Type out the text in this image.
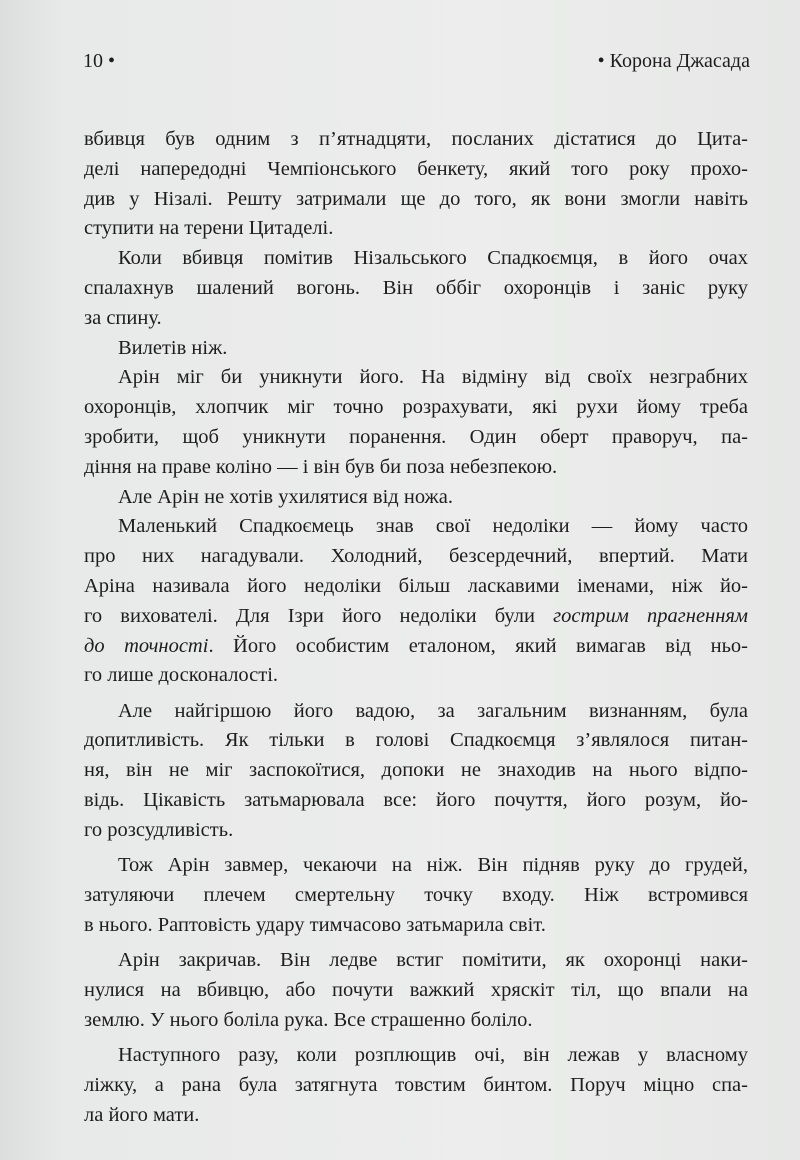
10 •	• Корона Джасада
вбивця був одним з п’ятнадцяти, посланих дістатися до Цита-
делі напередодні Чемпіонського бенкету, який того року прохо-
див у Нізалі. Решту затримали ще до того, як вони змогли навіть
ступити на терени Цитаделі.
Коли вбивця помітив Нізальського Спадкоємця, в його очах
спалахнув шалений вогонь. Він оббіг охоронців і заніс руку
за спину.
Вилетів ніж.
Арін міг би уникнути його. На відміну від своїх незграбних
охоронців, хлопчик міг точно розрахувати, які рухи йому треба
зробити, щоб уникнути поранення. Один оберт праворуч, па-
діння на праве коліно — і він був би поза небезпекою.
Але Арін не хотів ухилятися від ножа.
Маленький Спадкоємець знав свої недоліки — йому часто
про них нагадували. Холодний, безсердечний, впертий. Мати
Аріна називала його недоліки більш ласкавими іменами, ніж йо-
го вихователі. Для Ізри його недоліки були гострим прагненням
до точності. Його особистим еталоном, який вимагав від ньо-
го лише досконалості.
Але найгіршою його вадою, за загальним визнанням, була
допитливість. Як тільки в голові Спадкоємця з’являлося питан-
ня, він не міг заспокоїтися, допоки не знаходив на нього відпо-
відь. Цікавість затьмарювала все: його почуття, його розум, йо-
го розсудливість.
Тож Арін завмер, чекаючи на ніж. Він підняв руку до грудей,
затуляючи плечем смертельну точку входу. Ніж встромився
в нього. Раптовість удару тимчасово затьмарила світ.
Арін закричав. Він ледве встиг помітити, як охоронці наки-
нулися на вбивцю, або почути важкий хряскіт тіл, що впали на
землю. У нього боліла рука. Все страшенно боліло.
Наступного разу, коли розплющив очі, він лежав у власному
ліжку, а рана була затягнута товстим бинтом. Поруч міцно спа-
ла його мати.
